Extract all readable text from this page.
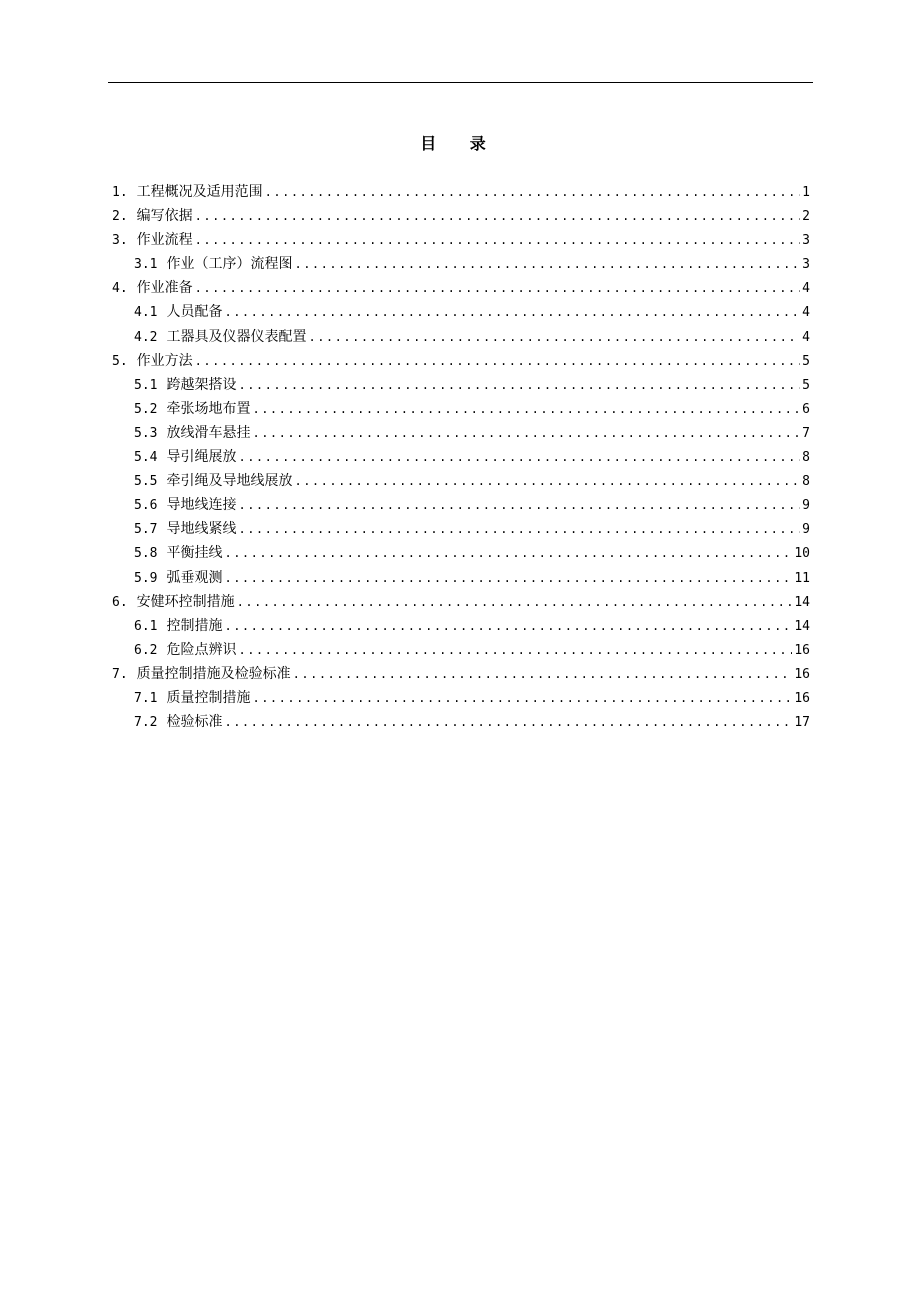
目 录
1. 工程概况及适用范围 .....	1
2. 编写依据 .....	2
3. 作业流程 .....	3
3.1 作业（工序）流程图 .....	3
4. 作业准备 .....	4
4.1 人员配备 .....	4
4.2 工器具及仪器仪表配置 .....	4
5. 作业方法 .....	5
5.1 跨越架搭设 .....	5
5.2 牵张场地布置 .....	6
5.3 放线滑车悬挂 .....	7
5.4 导引绳展放 .....	8
5.5 牵引绳及导地线展放 .....	8
5.6 导地线连接 .....	9
5.7 导地线紧线 .....	9
5.8 平衡挂线 .....	10
5.9 弧垂观测 .....	11
6. 安健环控制措施 .....	14
6.1 控制措施 .....	14
6.2 危险点辨识 .....	16
7. 质量控制措施及检验标准 .....	16
7.1 质量控制措施 .....	16
7.2 检验标准 .....	17
